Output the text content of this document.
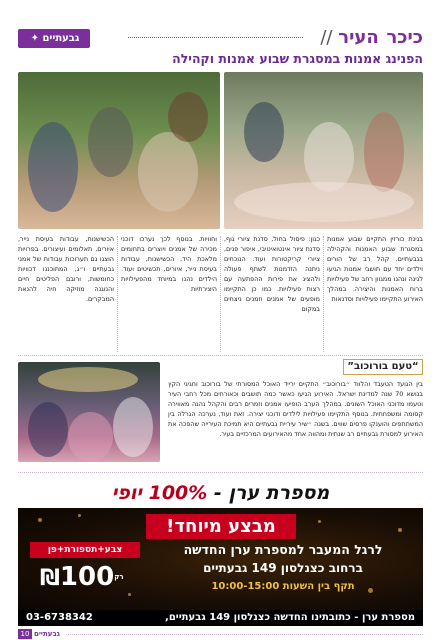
כיכר העיר //
גבעתיים ✦
הפנינג אמנות במסגרת שבוע אמנות וקהילה
בגינת כורזין התקיים שבוע אמנות במסגרת שבוע האמנות והקהילה בגבעתיים. קהל רב של הורים וילדים יחד עם תושבי אמנות הגיעו לגינה ונהנו ממגוון רחב של פעילויות ברוח האמנות והיצירה. במהלך האירוע התקיימו פעילויות וסדנאות
כגון: פיסול בחול, סדנת ציורי גוף, סדנת ציור אינטואיטיבי, איפור פנים, ציורי קריקטורות ועוד. הנוכחים ניתנה הזדמנות לשתף פעולה ולהציג את פירות ההפתעה עם רצות פעילויות. כמו כן התקיימו מופעים של אמנים וזמנים ניצחים במקום
וחוויות. בנוסף לכך נערכו דוכני מכירה של אמנים ויוצרים בתחומים מלאכת היד, הכשישנות, עבודות בעיסת נייר, איורים, תכשיטים ועוד. הילדים נהנו במיוחד מהפעילויות היצירתיות
הכשישנות, עבודות בעיסת נייר, איורים, תאלומים ועיצורים. בפרויות הוצגו גם תערוכות עבודות של אמני גבעתיים ו״ג, המתוכננו דכוויות כחומשות, ורובם הפליטים חיים והנוגנה מוזיקה חיה להנאת המבקרים.
“טעם בורוכוב”
בין הגועד הטעבד והלווד ״בורוכוב״ התקיים ירייד האוכל המסורתי של בורוכוב וחגיגי הקץ בנושא 70 שנה למדינת ישראל. האירוע הגיעו כאשר כמה תושבים וכאורחים מכל רחבי העיר וטעמו מדוכני האוכל השונים. במהלך הערב הופיעו אמנים וזמרים רבים והקהל נהנה מאווירה קסומה ומשפחתית. בנוסף התקיימו פעילויות לילדים ודוכני יצירה. זאת ועוד, נערכה הגרלה בין המשתתפים והוענקו פרסים שווים. בשנה ״שיר עיריית גבעתיים היא תמיכת העירייה שהפכה את האירוע למסורת גבעתיים רב שנתית ומהווה אחד מהאירועים המרכזיים בעיר.
מספרת ערן - 100% יופי
מבצע מיוחד!
לרגל המעבר למספרת ערן החדשה
ברחוב כצנלסון 149 גבעתיים
תקף בין השעות 10:00-15:00
צבע+תספורת+פן
$₪100^{רק}$
מספרת ערן - כתובתינו החדשה כצנלסון 149 גבעתיים,
03-6738342
10 גבעתיים
